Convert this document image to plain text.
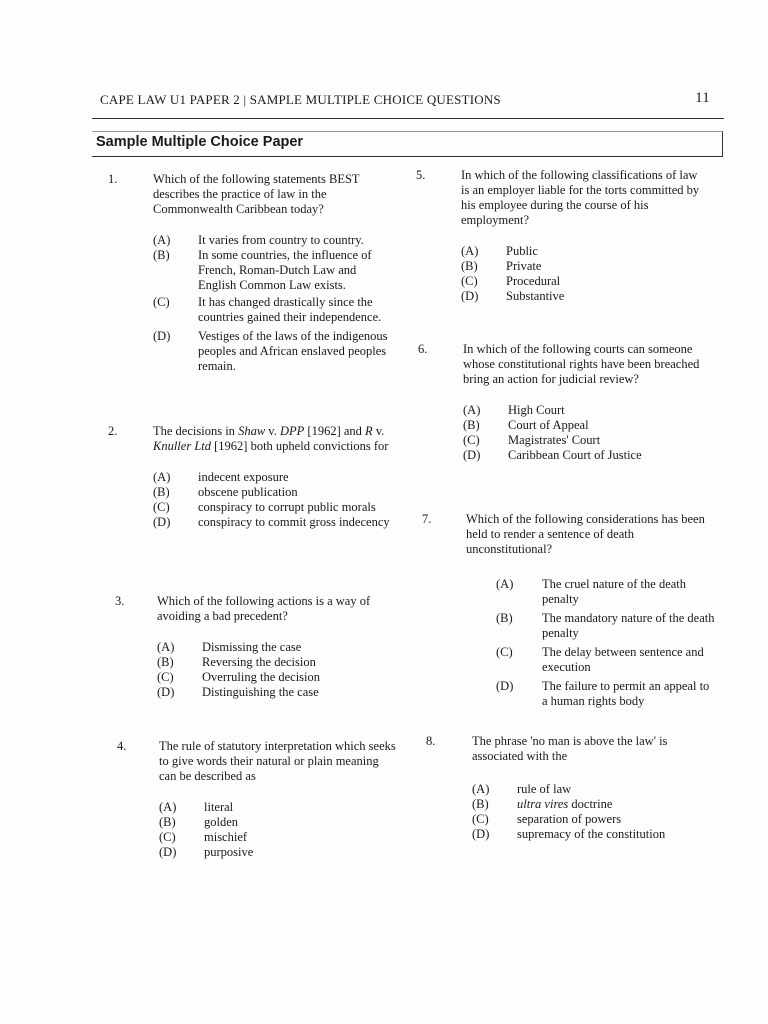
CAPE LAW U1 PAPER 2 | SAMPLE MULTIPLE CHOICE QUESTIONS	11
Sample Multiple Choice Paper
1.	Which of the following statements BEST describes the practice of law in the Commonwealth Caribbean today?
(A) It varies from country to country.
(B) In some countries, the influence of French, Roman-Dutch Law and English Common Law exists.
(C) It has changed drastically since the countries gained their independence.
(D) Vestiges of the laws of the indigenous peoples and African enslaved peoples remain.
2.	The decisions in Shaw v. DPP [1962] and R v. Knuller Ltd [1962] both upheld convictions for
(A) indecent exposure
(B) obscene publication
(C) conspiracy to corrupt public morals
(D) conspiracy to commit gross indecency
3.	Which of the following actions is a way of avoiding a bad precedent?
(A) Dismissing the case
(B) Reversing the decision
(C) Overruling the decision
(D) Distinguishing the case
4.	The rule of statutory interpretation which seeks to give words their natural or plain meaning can be described as
(A) literal
(B) golden
(C) mischief
(D) purposive
5.	In which of the following classifications of law is an employer liable for the torts committed by his employee during the course of his employment?
(A) Public
(B) Private
(C) Procedural
(D) Substantive
6.	In which of the following courts can someone whose constitutional rights have been breached bring an action for judicial review?
(A) High Court
(B) Court of Appeal
(C) Magistrates' Court
(D) Caribbean Court of Justice
7.	Which of the following considerations has been held to render a sentence of death unconstitutional?
(A)	The cruel nature of the death penalty
(B)	The mandatory nature of the death penalty
(C)	The delay between sentence and execution
(D)	The failure to permit an appeal to a human rights body
8.	The phrase 'no man is above the law' is associated with the
(A) rule of law
(B) ultra vires doctrine
(C) separation of powers
(D) supremacy of the constitution
